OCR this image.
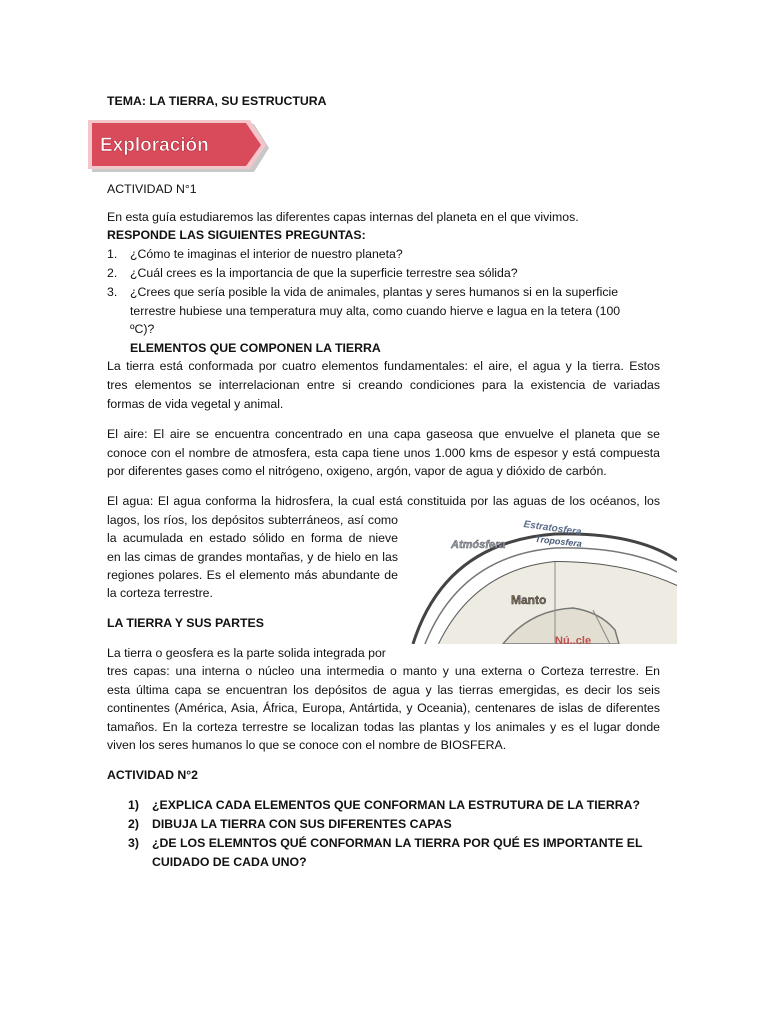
TEMA: LA TIERRA, SU ESTRUCTURA
Exploración
ACTIVIDAD N°1
En esta guía estudiaremos las diferentes capas internas del planeta en el que vivimos.
RESPONDE LAS SIGUIENTES PREGUNTAS:
1. ¿Cómo te imaginas el interior de nuestro planeta?
2. ¿Cuál crees es la importancia de que la superficie terrestre sea sólida?
3. ¿Crees que sería posible la vida de animales, plantas y seres humanos si en la superficie
terrestre hubiese una temperatura muy alta, como cuando hierve e lagua en la tetera (100
ºC)?
ELEMENTOS QUE COMPONEN LA TIERRA
La tierra está conformada por cuatro elementos fundamentales: el aire, el agua y la tierra. Estos
tres elementos se interrelacionan entre si creando condiciones para la existencia de variadas
formas de vida vegetal y animal.
El aire: El aire se encuentra concentrado en una capa gaseosa que envuelve el planeta que se
conoce con el nombre de atmosfera, esta capa tiene unos 1.000 kms de espesor y está compuesta
por diferentes gases como el nitrógeno, oxigeno, argón, vapor de agua y dióxido de carbón.
El agua: El agua conforma la hidrosfera, la cual está constituida por las aguas de los océanos, los
lagos, los ríos, los depósitos subterráneos, así como
la acumulada en estado sólido en forma de nieve
en las cimas de grandes montañas, y de hielo en las
regiones polares. Es el elemento más abundante de
la corteza terrestre.
Atmósfera
Estratosfera
Troposfera
Manto
Nú..cle
LA TIERRA Y SUS PARTES
La tierra o geosfera es la parte solida integrada por
tres capas: una interna o núcleo una intermedia o manto y una externa o Corteza terrestre. En
esta última capa se encuentran los depósitos de agua y las tierras emergidas, es decir los seis
continentes (América, Asia, África, Europa, Antártida, y Oceania), centenares de islas de diferentes
tamaños. En la corteza terrestre se localizan todas las plantas y los animales y es el lugar donde
viven los seres humanos lo que se conoce con el nombre de BIOSFERA.
ACTIVIDAD N°2
1) ¿EXPLICA CADA ELEMENTOS QUE CONFORMAN LA ESTRUTURA DE LA TIERRA?
2) DIBUJA LA TIERRA CON SUS DIFERENTES CAPAS
3) ¿DE LOS ELEMNTOS QUÉ CONFORMAN LA TIERRA POR QUÉ ES IMPORTANTE EL
CUIDADO DE CADA UNO?
